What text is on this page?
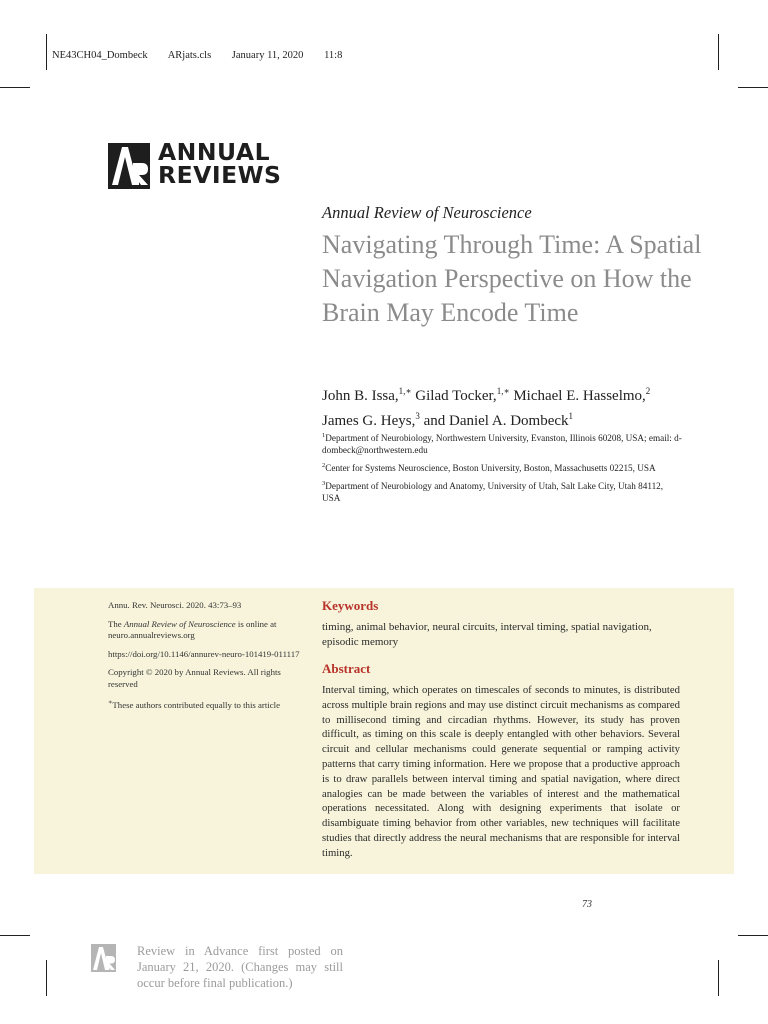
NE43CH04_Dombeck ARjats.cls January 11, 2020 11:8
ANNUAL
REVIEWS
Annual Review of Neuroscience
Navigating Through Time: A Spatial Navigation Perspective on How the Brain May Encode Time
John B. Issa,$^{1,∗}$ Gilad Tocker,$^{1,∗}$ Michael E. Hasselmo,$^2$
James G. Heys,$^3$ and Daniel A. Dombeck$^1$

$^1$Department of Neurobiology, Northwestern University, Evanston, Illinois 60208, USA; email: d-dombeck@northwestern.edu

$^2$Center for Systems Neuroscience, Boston University, Boston, Massachusetts 02215, USA

$^3$Department of Neurobiology and Anatomy, University of Utah, Salt Lake City, Utah 84112, USA

Annu. Rev. Neurosci. 2020. 43:73–93

The Annual Review of Neuroscience is online at neuro.annualreviews.org

https://doi.org/10.1146/annurev-neuro-101419-011117

Copyright © 2020 by Annual Reviews. All rights reserved

∗These authors contributed equally to this article

Keywords

timing, animal behavior, neural circuits, interval timing, spatial navigation, episodic memory

Abstract

Interval timing, which operates on timescales of seconds to minutes, is distributed across multiple brain regions and may use distinct circuit mechanisms as compared to millisecond timing and circadian rhythms. However, its study has proven difficult, as timing on this scale is deeply entangled with other behaviors. Several circuit and cellular mechanisms could generate sequential or ramping activity patterns that carry timing information. Here we propose that a productive approach is to draw parallels between interval timing and spatial navigation, where direct analogies can be made between the variables of interest and the mathematical operations necessitated. Along with designing experiments that isolate or disambiguate timing behavior from other variables, new techniques will facilitate studies that directly address the neural mechanisms that are responsible for interval timing.

73
Review in Advance first posted on January 21, 2020. (Changes may still occur before final publication.)
